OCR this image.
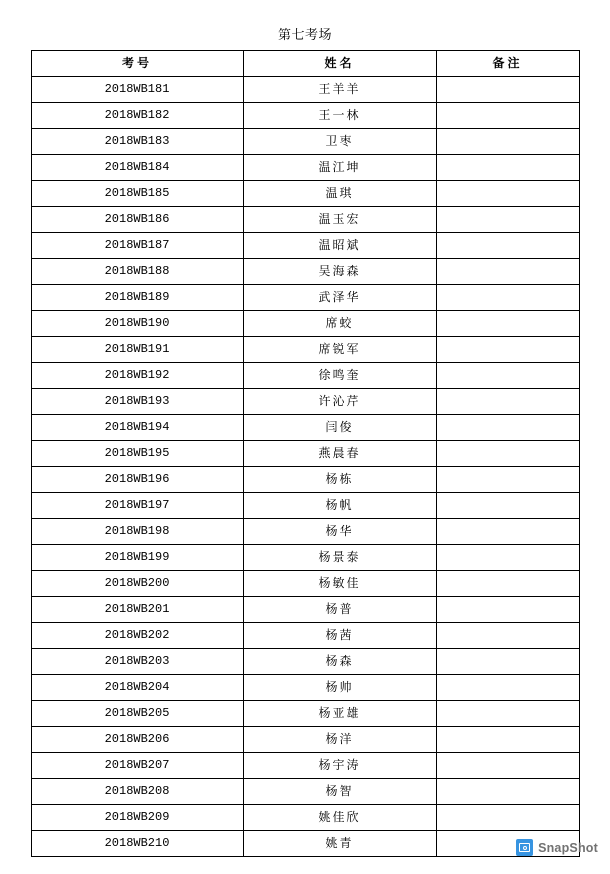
第七考场
考号	姓名	备注
2018WB181	王羊羊	
2018WB182	王一林	
2018WB183	卫枣	
2018WB184	温江坤	
2018WB185	温琪	
2018WB186	温玉宏	
2018WB187	温昭斌	
2018WB188	吴海森	
2018WB189	武泽华	
2018WB190	席蛟	
2018WB191	席锐军	
2018WB192	徐鸣奎	
2018WB193	许沁芹	
2018WB194	闫俊	
2018WB195	燕晨春	
2018WB196	杨栋	
2018WB197	杨帆	
2018WB198	杨华	
2018WB199	杨景泰	
2018WB200	杨敏佳	
2018WB201	杨普	
2018WB202	杨茜	
2018WB203	杨森	
2018WB204	杨帅	
2018WB205	杨亚雄	
2018WB206	杨洋	
2018WB207	杨宇涛	
2018WB208	杨智	
2018WB209	姚佳欣	
2018WB210	姚青		SnapShot
